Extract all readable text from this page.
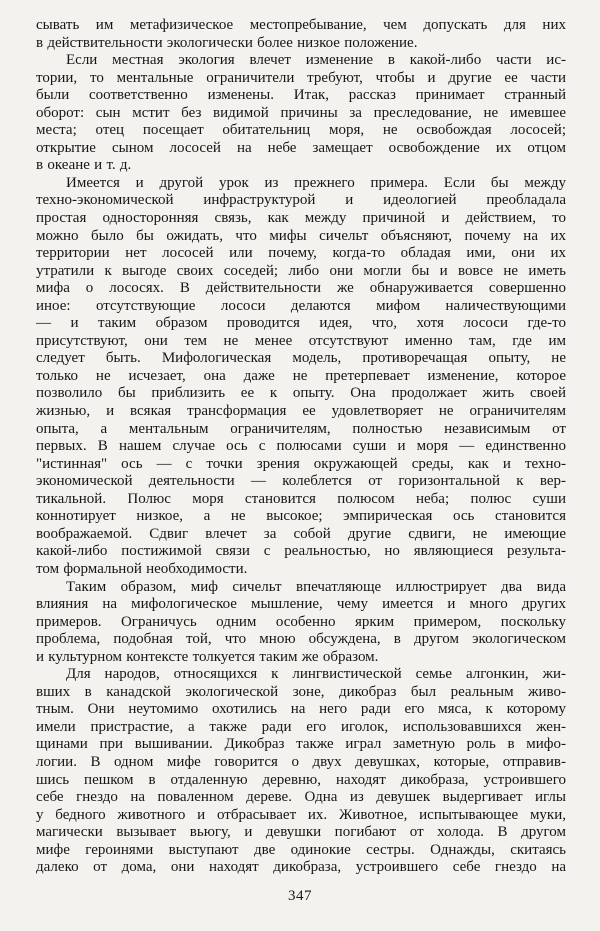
сывать им метафизическое местопребывание, чем допускать для них
в действительности экологически более низкое положение.
Если местная экология влечет изменение в какой-либо части ис-
тории, то ментальные ограничители требуют, чтобы и другие ее части
были соответственно изменены. Итак, рассказ принимает странный
оборот: сын мстит без видимой причины за преследование, не имевшее
места; отец посещает обитательниц моря, не освобождая лососей;
открытие сыном лососей на небе замещает освобождение их отцом
в океане и т. д.
Имеется и другой урок из прежнего примера. Если бы между
техно-экономической инфраструктурой и идеологией преобладала
простая односторонняя связь, как между причиной и действием, то
можно было бы ожидать, что мифы сичельт объясняют, почему на их
территории нет лососей или почему, когда-то обладая ими, они их
утратили к выгоде своих соседей; либо они могли бы и вовсе не иметь
мифа о лососях. В действительности же обнаруживается совершенно
иное: отсутствующие лососи делаются мифом наличествующими
— и таким образом проводится идея, что, хотя лососи где-то
присутствуют, они тем не менее отсутствуют именно там, где им
следует быть. Мифологическая модель, противоречащая опыту, не
только не исчезает, она даже не претерпевает изменение, которое
позволило бы приблизить ее к опыту. Она продолжает жить своей
жизнью, и всякая трансформация ее удовлетворяет не ограничителям
опыта, а ментальным ограничителям, полностью независимым от
первых. В нашем случае ось с полюсами суши и моря — единственно
"истинная" ось — с точки зрения окружающей среды, как и техно-
экономической деятельности — колеблется от горизонтальной к вер-
тикальной. Полюс моря становится полюсом неба; полюс суши
коннотирует низкое, а не высокое; эмпирическая ось становится
воображаемой. Сдвиг влечет за собой другие сдвиги, не имеющие
какой-либо постижимой связи с реальностью, но являющиеся результа-
том формальной необходимости.
Таким образом, миф сичельт впечатляюще иллюстрирует два вида
влияния на мифологическое мышление, чему имеется и много других
примеров. Ограничусь одним особенно ярким примером, поскольку
проблема, подобная той, что мною обсуждена, в другом экологическом
и культурном контексте толкуется таким же образом.
Для народов, относящихся к лингвистической семье алгонкин, жи-
вших в канадской экологической зоне, дикобраз был реальным живо-
тным. Они неутомимо охотились на него ради его мяса, к которому
имели пристрастие, а также ради его иголок, использовавшихся жен-
щинами при вышивании. Дикобраз также играл заметную роль в мифо-
логии. В одном мифе говорится о двух девушках, которые, отправив-
шись пешком в отдаленную деревню, находят дикобраза, устроившего
себе гнездо на поваленном дереве. Одна из девушек выдергивает иглы
у бедного животного и отбрасывает их. Животное, испытывающее муки,
магически вызывает вьюгу, и девушки погибают от холода. В другом
мифе героинями выступают две одинокие сестры. Однажды, скитаясь
далеко от дома, они находят дикобраза, устроившего себе гнездо на
347
